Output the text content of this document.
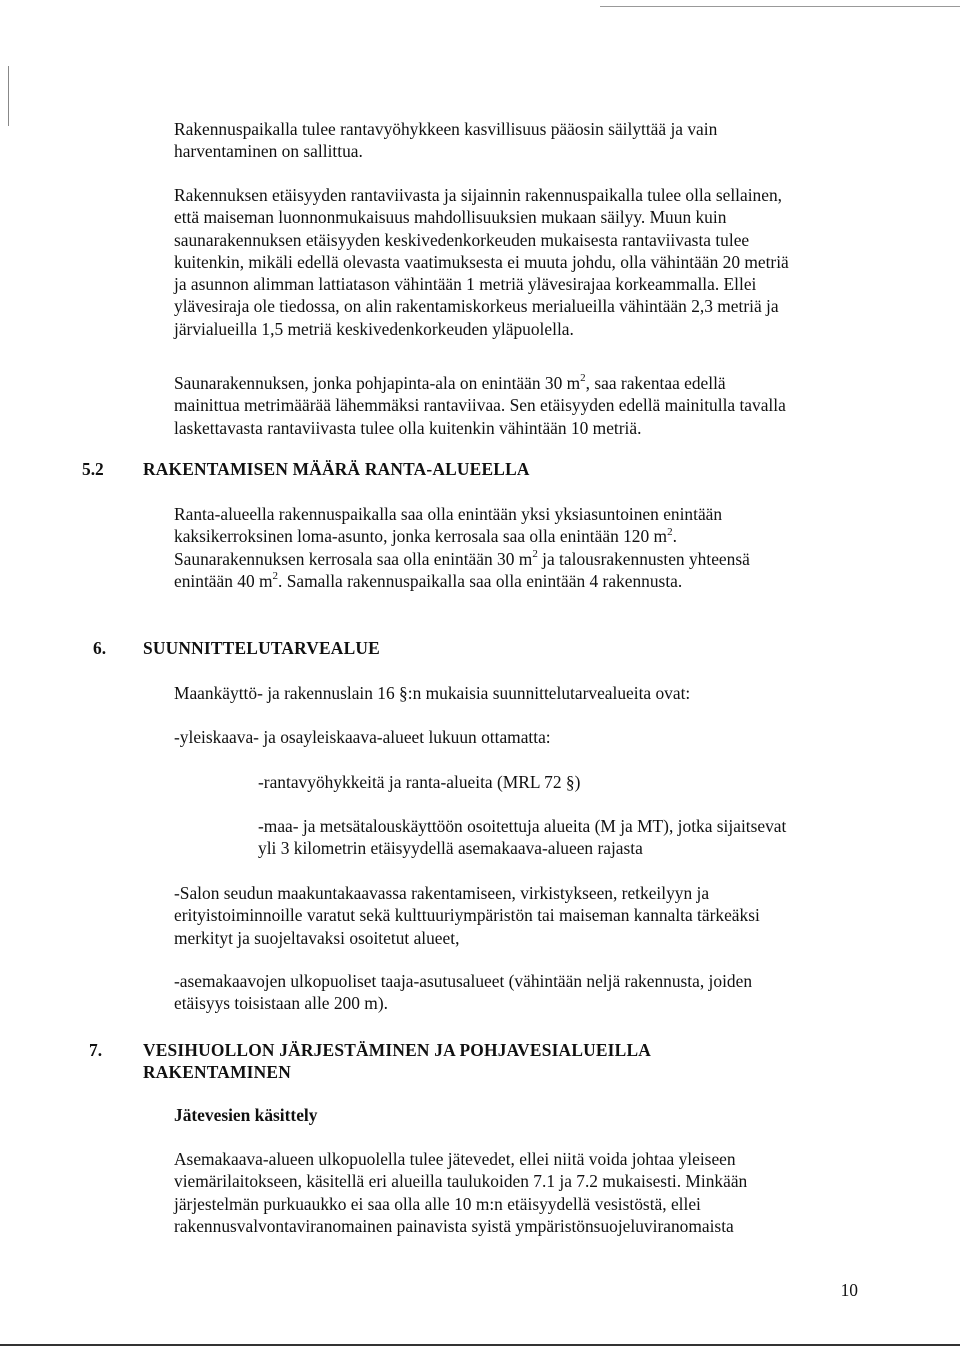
Rakennuspaikalla tulee rantavyöhykkeen kasvillisuus pääosin säilyttää ja vain
harventaminen on sallittua.

Rakennuksen etäisyyden rantaviivasta ja sijainnin rakennuspaikalla tulee olla sellainen,
että maiseman luonnonmukaisuus mahdollisuuksien mukaan säilyy. Muun kuin
saunarakennuksen etäisyyden keskivedenkorkeuden mukaisesta rantaviivasta tulee
kuitenkin, mikäli edellä olevasta vaatimuksesta ei muuta johdu, olla vähintään 20 metriä
ja asunnon alimman lattiatason vähintään 1 metriä ylävesirajaa korkeammalla. Ellei
ylävesiraja ole tiedossa, on alin rakentamiskorkeus merialueilla vähintään 2,3 metriä ja
järvialueilla 1,5 metriä keskivedenkorkeuden yläpuolella.

Saunarakennuksen, jonka pohjapinta-ala on enintään 30 $m^2$, saa rakentaa edellä
mainittua metrimäärää lähemmäksi rantaviivaa. Sen etäisyyden edellä mainitulla tavalla
laskettavasta rantaviivasta tulee olla kuitenkin vähintään 10 metriä.

5.2 RAKENTAMISEN MÄÄRÄ RANTA-ALUEELLA

Ranta-alueella rakennuspaikalla saa olla enintään yksi yksiasuntoinen enintään
kaksikerroksinen loma-asunto, jonka kerrosala saa olla enintään 120 $m^2$.
Saunarakennuksen kerrosala saa olla enintään 30 $m^2$ ja talousrakennusten yhteensä
enintään 40 $m^2$. Samalla rakennuspaikalla saa olla enintään 4 rakennusta.

6. SUUNNITTELUTARVEALUE
Maankäyttö- ja rakennuslain 16 §:n mukaisia suunnittelutarvealueita ovat:
-yleiskaava- ja osayleiskaava-alueet lukuun ottamatta:
-rantavyöhykkeitä ja ranta-alueita (MRL 72 §)

-maa- ja metsätalouskäyttöön osoitettuja alueita (M ja MT), jotka sijaitsevat
yli 3 kilometrin etäisyydellä asemakaava-alueen rajasta

-Salon seudun maakuntakaavassa rakentamiseen, virkistykseen, retkeilyyn ja
erityistoiminnoille varatut sekä kulttuuriympäristön tai maiseman kannalta tärkeäksi
merkityt ja suojeltavaksi osoitetut alueet,

-asemakaavojen ulkopuoliset taaja-asutusalueet (vähintään neljä rakennusta, joiden
etäisyys toisistaan alle 200 m).

7. VESIHUOLLON JÄRJESTÄMINEN JA POHJAVESIALUEILLA
RAKENTAMINEN
Jätevesien käsittely

Asemakaava-alueen ulkopuolella tulee jätevedet, ellei niitä voida johtaa yleiseen
viemärilaitokseen, käsitellä eri alueilla taulukoiden 7.1 ja 7.2 mukaisesti. Minkään
järjestelmän purkuaukko ei saa olla alle 10 m:n etäisyydellä vesistöstä, ellei
rakennusvalvontaviranomainen painavista syistä ympäristönsuojeluviranomaista

10
